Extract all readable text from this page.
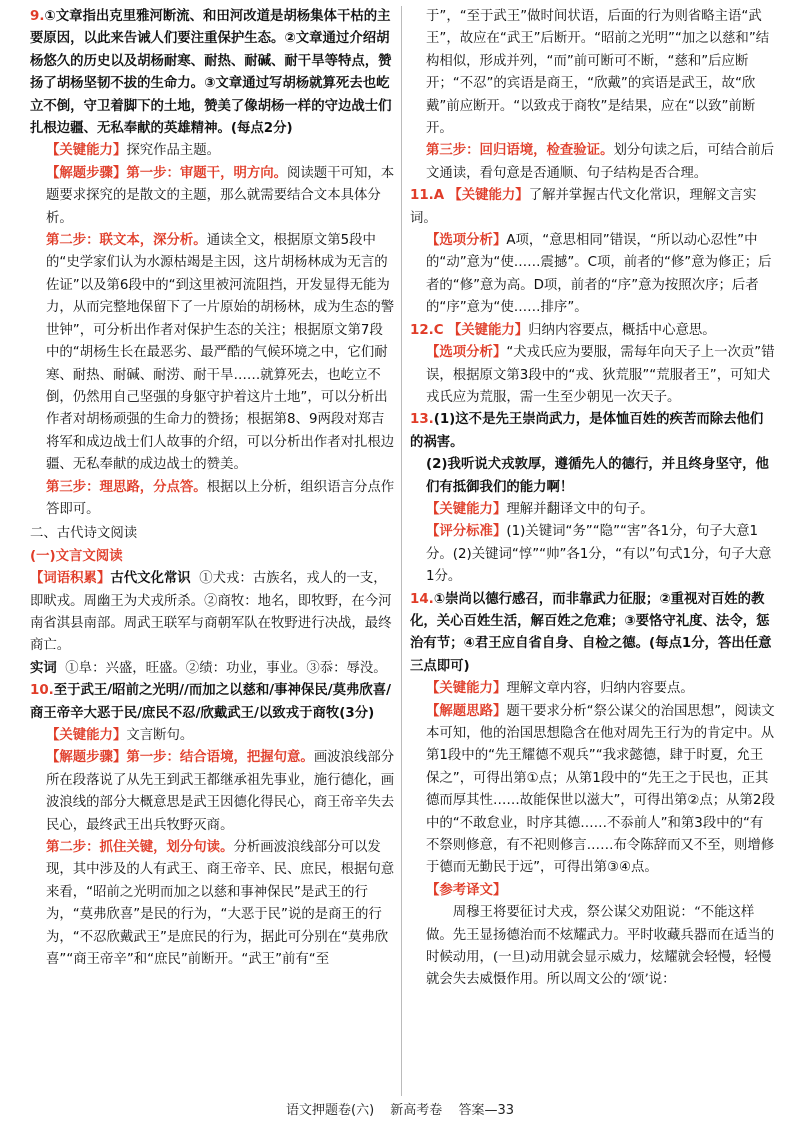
9.①文章指出克里雅河断流、和田河改道是胡杨集体干枯的主要原因，以此来告诫人们要注重保护生态。②文章通过介绍胡杨悠久的历史以及胡杨耐寒、耐热、耐碱、耐干旱等特点，赞扬了胡杨坚韧不拔的生命力。③文章通过写胡杨就算死去也屹立不倒，守卫着脚下的土地，赞美了像胡杨一样的守边战士们扎根边疆、无私奉献的英雄精神。(每点2分)

【关键能力】探究作品主题。

【解题步骤】第一步：审题干，明方向。阅读题干可知，本题要求探究的是散文的主题，那么就需要结合文本具体分析。

第二步：联文本，深分析。通读全文，根据原文第5段中的“史学家们认为水源枯竭是主因，这片胡杨林成为无言的佐证”以及第6段中的“到这里被河流阻挡，开发显得无能为力，从而完整地保留下了一片原始的胡杨林，成为生态的警世钟”，可分析出作者对保护生态的关注；根据原文第7段中的“胡杨生长在最恶劣、最严酷的气候环境之中，它们耐寒、耐热、耐碱、耐涝、耐干旱……就算死去，也屹立不倒，仍然用自己坚强的身躯守护着这片土地”，可以分析出作者对胡杨顽强的生命力的赞扬；根据第8、9两段对郑吉将军和成边战士们人故事的介绍，可以分析出作者对扎根边疆、无私奉献的成边战士的赞美。

第三步：理思路，分点答。根据以上分析，组织语言分点作答即可。

二、古代诗文阅读

(一)文言文阅读

【词语积累】古代文化常识 ①犬戎：古族名，戎人的一支，即畎戎。周幽王为犬戎所杀。②商牧：地名，即牧野，在今河南省淇县南部。周武王联军与商朝军队在牧野进行决战，最终商亡。

实词 ①阜：兴盛，旺盛。②绩：功业，事业。③忝：辱没。

10.至于武王/昭前之光明//而加之以慈和/事神保民/莫弗欣喜/商王帝辛大恶于民/庶民不忍/欣戴武王/以致戎于商牧(3分)

【关键能力】文言断句。

【解题步骤】第一步：结合语境，把握句意。画波浪线部分所在段落说了从先王到武王都继承祖先事业，施行德化，画波浪线的部分大概意思是武王因德化得民心，商王帝辛失去民心，最终武王出兵牧野灭商。

第二步：抓住关键，划分句读。分析画波浪线部分可以发现，其中涉及的人有武王、商王帝辛、民、庶民，根据句意来看，“昭前之光明而加之以慈和事神保民”是武王的行为，“莫弗欣喜”是民的行为，“大恶于民”说的是商王的行为，“不忍欣戴武王”是庶民的行为，据此可分别在“莫弗欣喜”“商王帝辛”和“庶民”前断开。“武王”前有“至

于”，“至于武王”做时间状语，后面的行为则省略主语“武王”，故应在“武王”后断开。“昭前之光明”“加之以慈和”结构相似，形成并列，“而”前可断可不断，“慈和”后应断开；“不忍”的宾语是商王，“欣戴”的宾语是武王，故“欣戴”前应断开。“以致戎于商牧”是结果，应在“以致”前断开。

第三步：回归语境，检查验证。划分句读之后，可结合前后文通读，看句意是否通顺、句子结构是否合理。

11.A 【关键能力】了解并掌握古代文化常识，理解文言实词。

【选项分析】A项，“意思相同”错误，“所以动心忍性”中的“动”意为“使……震撼”。C项，前者的“修”意为修正；后者的“修”意为高。D项，前者的“序”意为按照次序；后者的“序”意为“使……排序”。

12.C 【关键能力】归纳内容要点，概括中心意思。

【选项分析】“犬戎氏应为要服，需每年向天子上一次贡”错误，根据原文第3段中的“戎、狄荒服”“荒服者王”，可知犬戎氏应为荒服，需一生至少朝见一次天子。

13.(1)这不是先王崇尚武力，是体恤百姓的疾苦而除去他们的祸害。

(2)我听说犬戎敦厚，遵循先人的德行，并且终身坚守，他们有抵御我们的能力啊！

【关键能力】理解并翻译文中的句子。

【评分标准】(1)关键词“务”“隐”“害”各1分，句子大意1分。(2)关键词“惇”“帅”各1分，“有以”句式1分，句子大意1分。

14.①崇尚以德行感召，而非靠武力征服；②重视对百姓的教化，关心百姓生活，解百姓之危难；③要恪守礼度、法令，惩治有节；④君王应自省自身、自检之德。(每点1分，答出任意三点即可)

【关键能力】理解文章内容，归纳内容要点。

【解题思路】题干要求分析“祭公谋父的治国思想”，阅读文本可知，他的治国思想隐含在他对周先王行为的肯定中。从第1段中的“先王耀德不观兵”“我求懿德，肆于时夏，允王保之”，可得出第①点；从第1段中的“先王之于民也，正其德而厚其性……故能保世以滋大”，可得出第②点；从第2段中的“不敢怠业，时序其德……不忝前人”和第3段中的“有不祭则修意，有不祀则修言……布令陈辞而又不至，则增修于德而无勤民于远”，可得出第③④点。

【参考译文】

周穆王将要征讨犬戎，祭公谋父劝阻说：“不能这样做。先王显扬德治而不炫耀武力。平时收藏兵器而在适当的时候动用，(一旦)动用就会显示威力，炫耀就会轻慢，轻慢就会失去威慑作用。所以周文公的‘颂’说：

语文押题卷(六) 新高考卷 答案—33
